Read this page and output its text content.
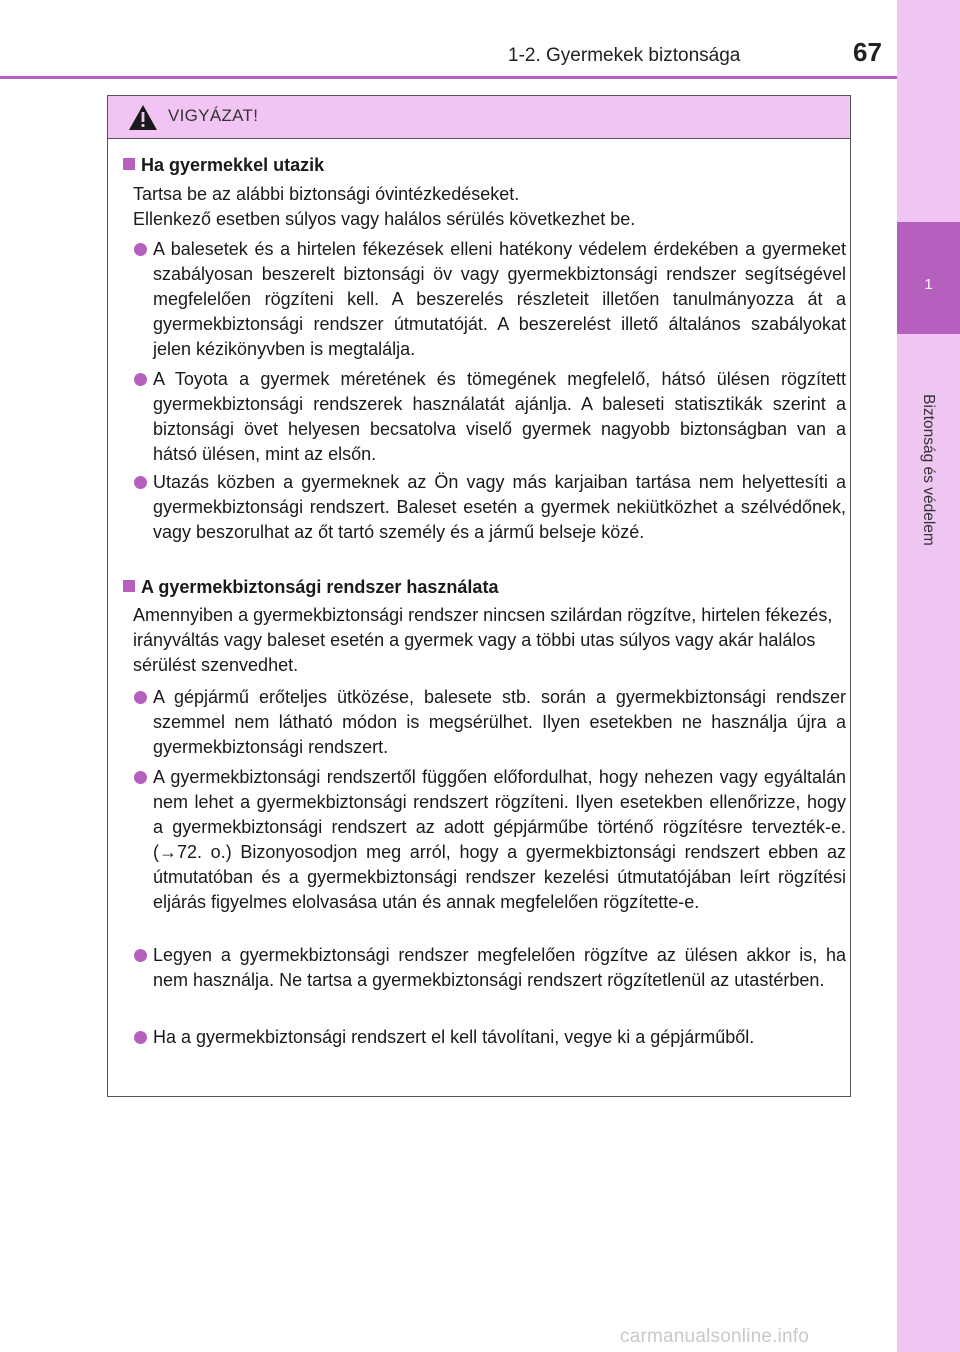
1
Biztonság és védelem
1-2. Gyermekek biztonsága	67
VIGYÁZAT!
Ha gyermekkel utazik
Tartsa be az alábbi biztonsági óvintézkedéseket.
Ellenkező esetben súlyos vagy halálos sérülés következhet be.
A balesetek és a hirtelen fékezések elleni hatékony védelem érdekében a gyermeket szabályosan beszerelt biztonsági öv vagy gyermekbiztonsági rendszer segítségével megfelelően rögzíteni kell. A beszerelés részleteit illetően tanulmányozza át a gyermekbiztonsági rendszer útmutatóját. A beszerelést illető általános szabályokat jelen kézikönyvben is megtalálja.
A Toyota a gyermek méretének és tömegének megfelelő, hátsó ülésen rögzített gyermekbiztonsági rendszerek használatát ajánlja. A baleseti statisztikák szerint a biztonsági övet helyesen becsatolva viselő gyermek nagyobb biztonságban van a hátsó ülésen, mint az elsőn.
Utazás közben a gyermeknek az Ön vagy más karjaiban tartása nem helyettesíti a gyermekbiztonsági rendszert. Baleset esetén a gyermek nekiütközhet a szélvédőnek, vagy beszorulhat az őt tartó személy és a jármű belseje közé.
A gyermekbiztonsági rendszer használata
Amennyiben a gyermekbiztonsági rendszer nincsen szilárdan rögzítve, hirtelen fékezés, irányváltás vagy baleset esetén a gyermek vagy a többi utas súlyos vagy akár halálos sérülést szenvedhet.
A gépjármű erőteljes ütközése, balesete stb. során a gyermekbiztonsági rendszer szemmel nem látható módon is megsérülhet. Ilyen esetekben ne használja újra a gyermekbiztonsági rendszert.
A gyermekbiztonsági rendszertől függően előfordulhat, hogy nehezen vagy egyáltalán nem lehet a gyermekbiztonsági rendszert rögzíteni. Ilyen esetekben ellenőrizze, hogy a gyermekbiztonsági rendszert az adott gépjárműbe történő rögzítésre tervezték-e. (→72. o.) Bizonyosodjon meg arról, hogy a gyermekbiztonsági rendszert ebben az útmutatóban és a gyermekbiztonsági rendszer kezelési útmutatójában leírt rögzítési eljárás figyelmes elolvasása után és annak megfelelően rögzítette-e.
Legyen a gyermekbiztonsági rendszer megfelelően rögzítve az ülésen akkor is, ha nem használja. Ne tartsa a gyermekbiztonsági rendszert rögzítetlenül az utastérben.
Ha a gyermekbiztonsági rendszert el kell távolítani, vegye ki a gépjárműből.
carmanualsonline.info
